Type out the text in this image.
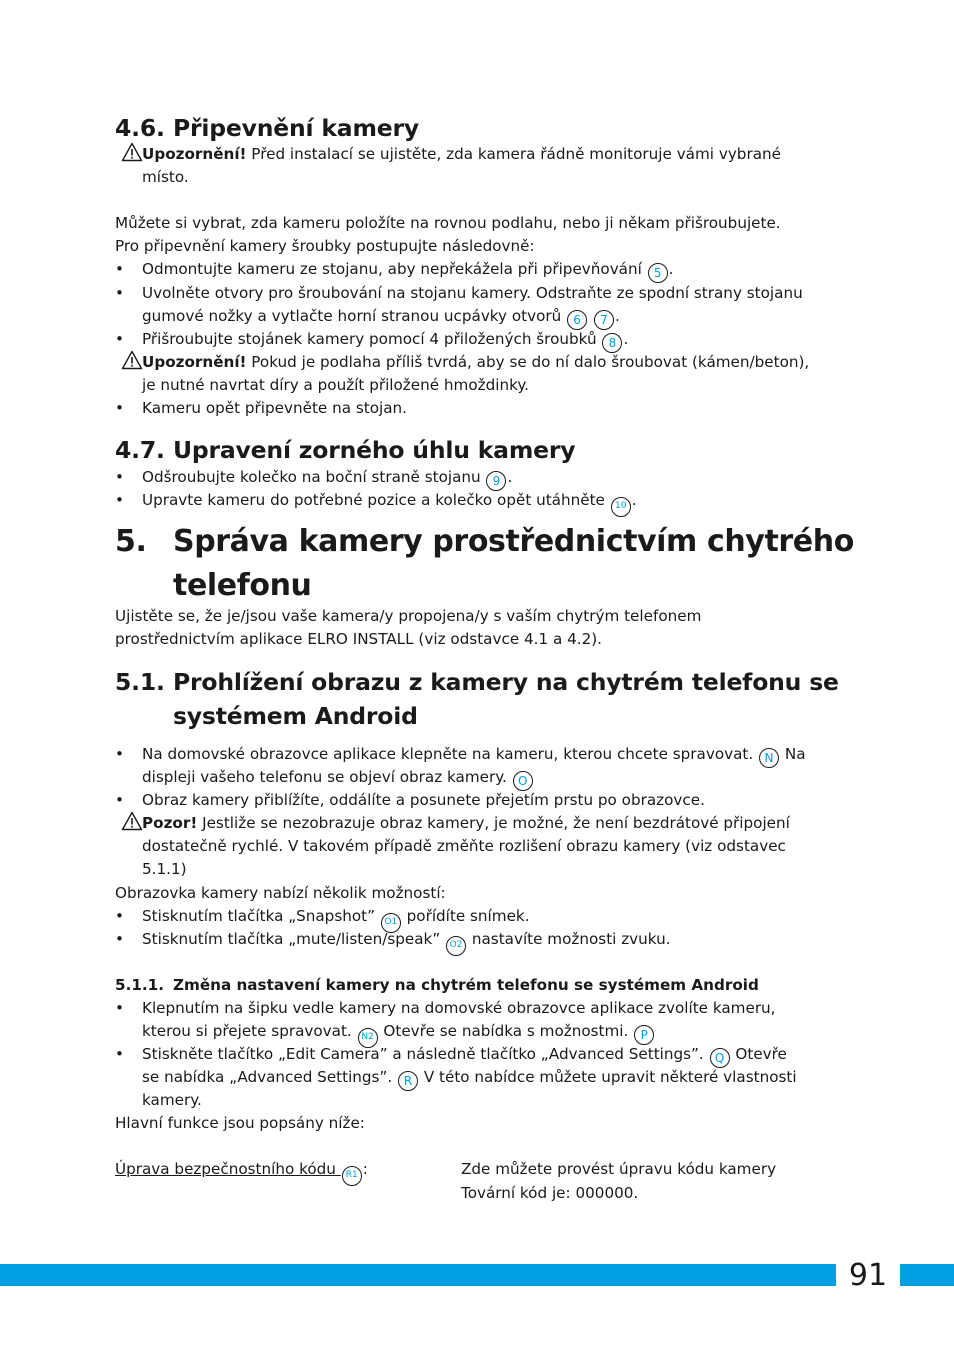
4.6. Připevnění kamery
Upozornění! Před instalací se ujistěte, zda kamera řádně monitoruje vámi vybrané
místo.
Můžete si vybrat, zda kameru položíte na rovnou podlahu, nebo ji někam přišroubujete.
Pro připevnění kamery šroubky postupujte následovně:
• Odmontujte kameru ze stojanu, aby nepřekážela při připevňování 5 .
• Uvolněte otvory pro šroubování na stojanu kamery. Odstraňte ze spodní strany stojanu
gumové nožky a vytlačte horní stranou ucpávky otvorů 6 7 .
• Přišroubujte stojánek kamery pomocí 4 přiložených šroubků 8 .
Upozornění! Pokud je podlaha příliš tvrdá, aby se do ní dalo šroubovat (kámen/beton),
je nutné navrtat díry a použít přiložené hmoždinky.
• Kameru opět připevněte na stojan.
4.7. Upravení zorného úhlu kamery
• Odšroubujte kolečko na boční straně stojanu 9 .
• Upravte kameru do potřebné pozice a kolečko opět utáhněte 10 .
5. Správa kamery prostřednictvím chytrého
telefonu
Ujistěte se, že je/jsou vaše kamera/y propojena/y s vaším chytrým telefonem
prostřednictvím aplikace ELRO INSTALL (viz odstavce 4.1 a 4.2).
5.1. Prohlížení obrazu z kamery na chytrém telefonu se
systémem Android
• Na domovské obrazovce aplikace klepněte na kameru, kterou chcete spravovat. N Na
displeji vašeho telefonu se objeví obraz kamery. O
• Obraz kamery přiblížíte, oddálíte a posunete přejetím prstu po obrazovce.
Pozor! Jestliže se nezobrazuje obraz kamery, je možné, že není bezdrátové připojení
dostatečně rychlé. V takovém případě změňte rozlišení obrazu kamery (viz odstavec
5.1.1)
Obrazovka kamery nabízí několik možností:
• Stisknutím tlačítka „Snapshot” O1 pořídíte snímek.
• Stisknutím tlačítka „mute/listen/speak” O2 nastavíte možnosti zvuku.
5.1.1. Změna nastavení kamery na chytrém telefonu se systémem Android
• Klepnutím na šipku vedle kamery na domovské obrazovce aplikace zvolíte kameru,
kterou si přejete spravovat. N2 Otevře se nabídka s možnostmi. P
• Stiskněte tlačítko „Edit Camera” a následně tlačítko „Advanced Settings”. Q Otevře
se nabídka „Advanced Settings”. R V této nabídce můžete upravit některé vlastnosti
kamery.
Hlavní funkce jsou popsány níže:
Úprava bezpečnostního kódu R1 :	Zde můžete provést úpravu kódu kamery
Tovární kód je: 000000.
91
